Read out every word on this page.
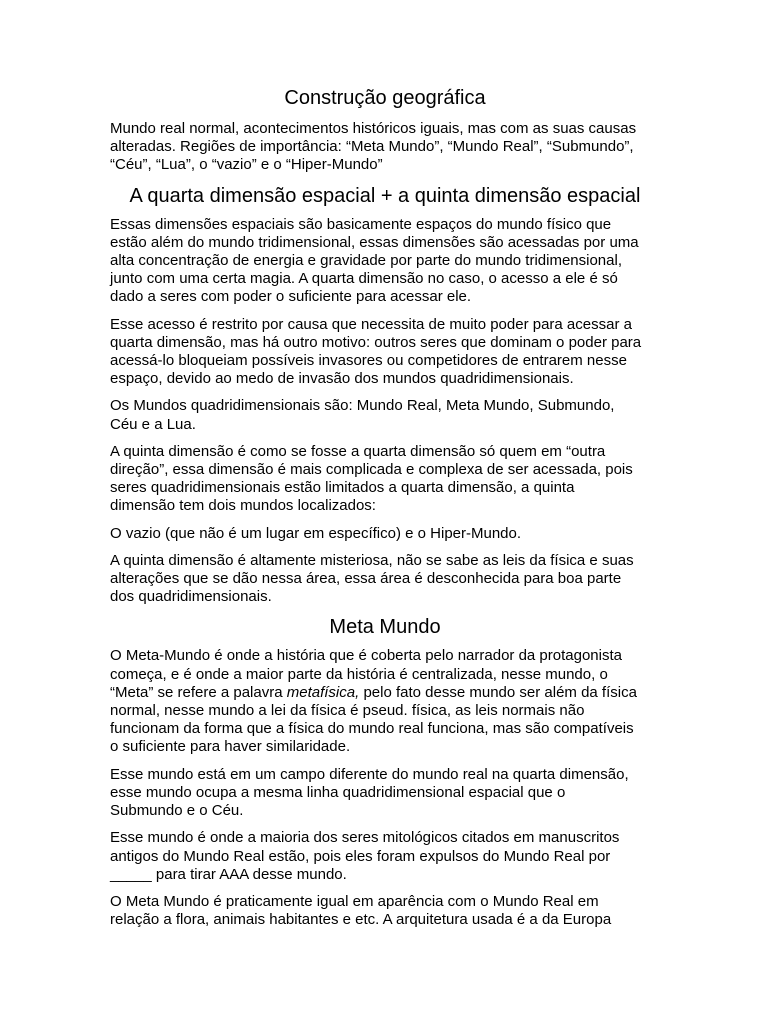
Construção geográfica

Mundo real normal, acontecimentos históricos iguais, mas com as suas causas
alteradas. Regiões de importância: “Meta Mundo”, “Mundo Real”, “Submundo”,
“Céu”, “Lua”, o “vazio” e o “Hiper-Mundo”

A quarta dimensão espacial + a quinta dimensão espacial

Essas dimensões espaciais são basicamente espaços do mundo físico que
estão além do mundo tridimensional, essas dimensões são acessadas por uma
alta concentração de energia e gravidade por parte do mundo tridimensional,
junto com uma certa magia. A quarta dimensão no caso, o acesso a ele é só
dado a seres com poder o suficiente para acessar ele.

Esse acesso é restrito por causa que necessita de muito poder para acessar a
quarta dimensão, mas há outro motivo: outros seres que dominam o poder para
acessá-lo bloqueiam possíveis invasores ou competidores de entrarem nesse
espaço, devido ao medo de invasão dos mundos quadridimensionais.

Os Mundos quadridimensionais são: Mundo Real, Meta Mundo, Submundo,
Céu e a Lua.

A quinta dimensão é como se fosse a quarta dimensão só quem em “outra
direção”, essa dimensão é mais complicada e complexa de ser acessada, pois
seres quadridimensionais estão limitados a quarta dimensão, a quinta
dimensão tem dois mundos localizados:

O vazio (que não é um lugar em específico) e o Hiper-Mundo.

A quinta dimensão é altamente misteriosa, não se sabe as leis da física e suas
alterações que se dão nessa área, essa área é desconhecida para boa parte
dos quadridimensionais.

Meta Mundo

O Meta-Mundo é onde a história que é coberta pelo narrador da protagonista
começa, e é onde a maior parte da história é centralizada, nesse mundo, o
“Meta” se refere a palavra metafísica, pelo fato desse mundo ser além da física
normal, nesse mundo a lei da física é pseud. física, as leis normais não
funcionam da forma que a física do mundo real funciona, mas são compatíveis
o suficiente para haver similaridade.

Esse mundo está em um campo diferente do mundo real na quarta dimensão,
esse mundo ocupa a mesma linha quadridimensional espacial que o
Submundo e o Céu.

Esse mundo é onde a maioria dos seres mitológicos citados em manuscritos
antigos do Mundo Real estão, pois eles foram expulsos do Mundo Real por
_____ para tirar AAA desse mundo.

O Meta Mundo é praticamente igual em aparência com o Mundo Real em
relação a flora, animais habitantes e etc. A arquitetura usada é a da Europa
